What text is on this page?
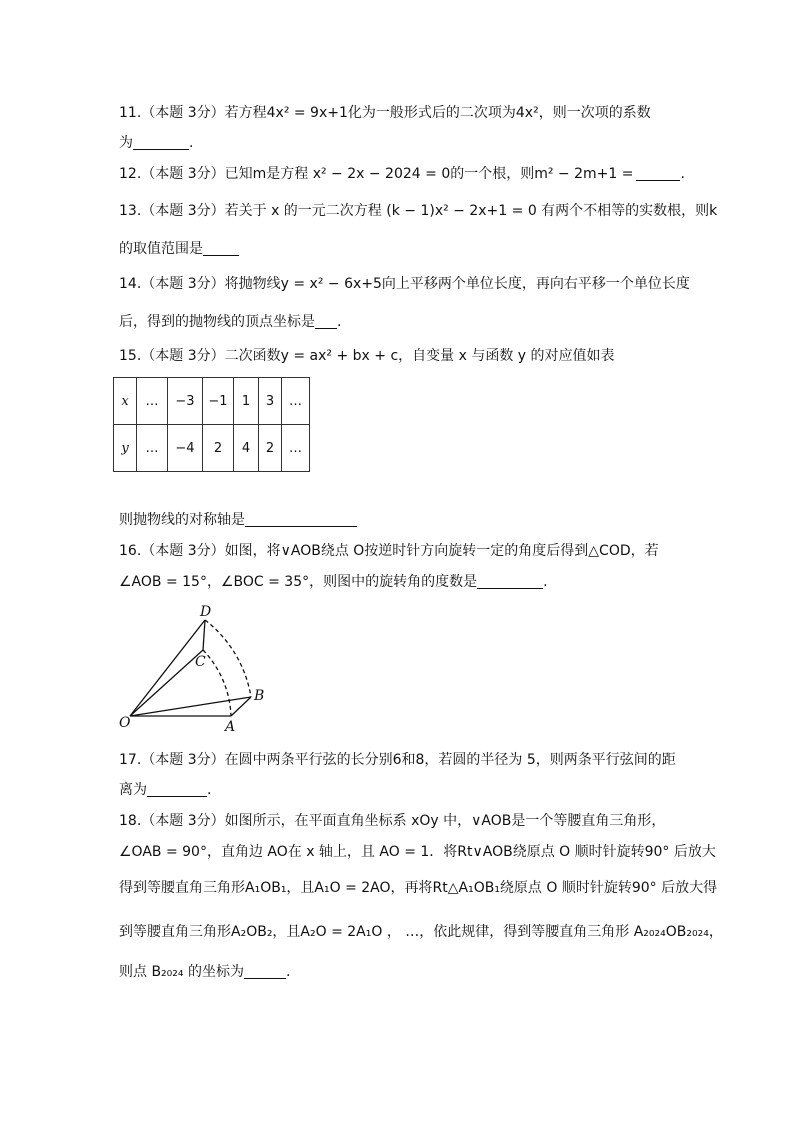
11.（本题 3分）若方程4x² = 9x+1化为一般形式后的二次项为4x²，则一次项的系数
为	.
12.（本题 3分）已知m是方程 x² − 2x − 2024 = 0的一个根，则m² − 2m+1 =	.
13.（本题 3分）若关于 x 的一元二次方程 (k − 1)x² − 2x+1 = 0 有两个不相等的实数根，则k
的取值范围是
14.（本题 3分）将抛物线y = x² − 6x+5向上平移两个单位长度，再向右平移一个单位长度
后，得到的抛物线的顶点坐标是 .
15.（本题 3分）二次函数y = ax² + bx + c，自变量 x 与函数 y 的对应值如表
x	…	−3	−1	1	3	…
y	…	−4	2	4	2	…
则抛物线的对称轴是
16.（本题 3分）如图，将∨AOB绕点 O按逆时针方向旋转一定的角度后得到△COD，若
∠AOB = 15°，∠BOC = 35°，则图中的旋转角的度数是	.
D
C
B
O	A
17.（本题 3分）在圆中两条平行弦的长分别6和8，若圆的半径为 5，则两条平行弦间的距
离为	.
18.（本题 3分）如图所示，在平面直角坐标系 xOy 中，∨AOB是一个等腰直角三角形，
∠OAB = 90°，直角边 AO在 x 轴上，且 AO = 1．将Rt∨AOB绕原点 O 顺时针旋转90° 后放大
得到等腰直角三角形A₁OB₁，且A₁O = 2AO，再将Rt△A₁OB₁绕原点 O 顺时针旋转90° 后放大得
到等腰直角三角形A₂OB₂，且A₂O = 2A₁O ， …，依此规律，得到等腰直角三角形 A₂₀₂₄OB₂₀₂₄，
则点 B₂₀₂₄ 的坐标为	.
